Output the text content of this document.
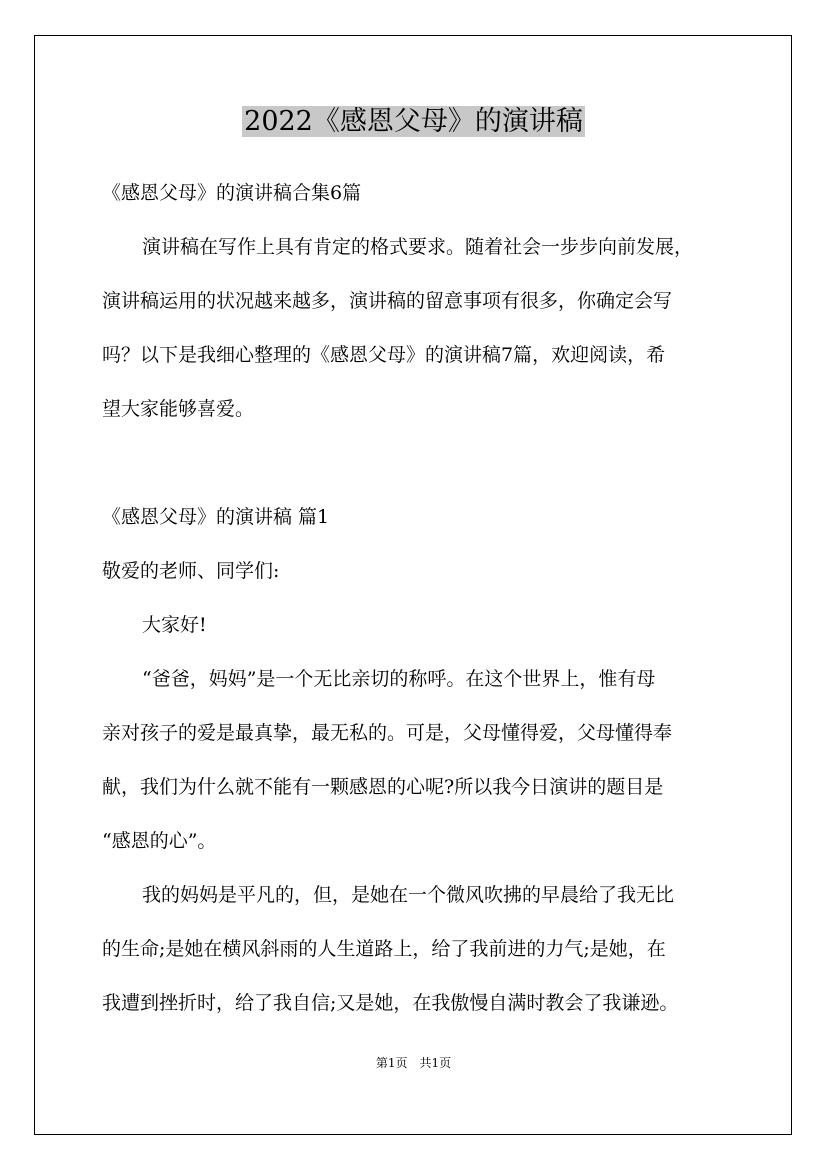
2022《感恩父母》的演讲稿

《感恩父母》的演讲稿合集6篇

演讲稿在写作上具有肯定的格式要求。随着社会一步步向前发展，

演讲稿运用的状况越来越多，演讲稿的留意事项有很多，你确定会写

吗？以下是我细心整理的《感恩父母》的演讲稿7篇，欢迎阅读，希

望大家能够喜爱。

《感恩父母》的演讲稿 篇1

敬爱的老师、同学们:

大家好!

“爸爸，妈妈”是一个无比亲切的称呼。在这个世界上，惟有母

亲对孩子的爱是最真挚，最无私的。可是，父母懂得爱，父母懂得奉

献，我们为什么就不能有一颗感恩的心呢?所以我今日演讲的题目是

“感恩的心”。

我的妈妈是平凡的，但，是她在一个微风吹拂的早晨给了我无比

的生命;是她在横风斜雨的人生道路上，给了我前进的力气;是她，在

我遭到挫折时，给了我自信;又是她，在我傲慢自满时教会了我谦逊。

第1页　共1页
